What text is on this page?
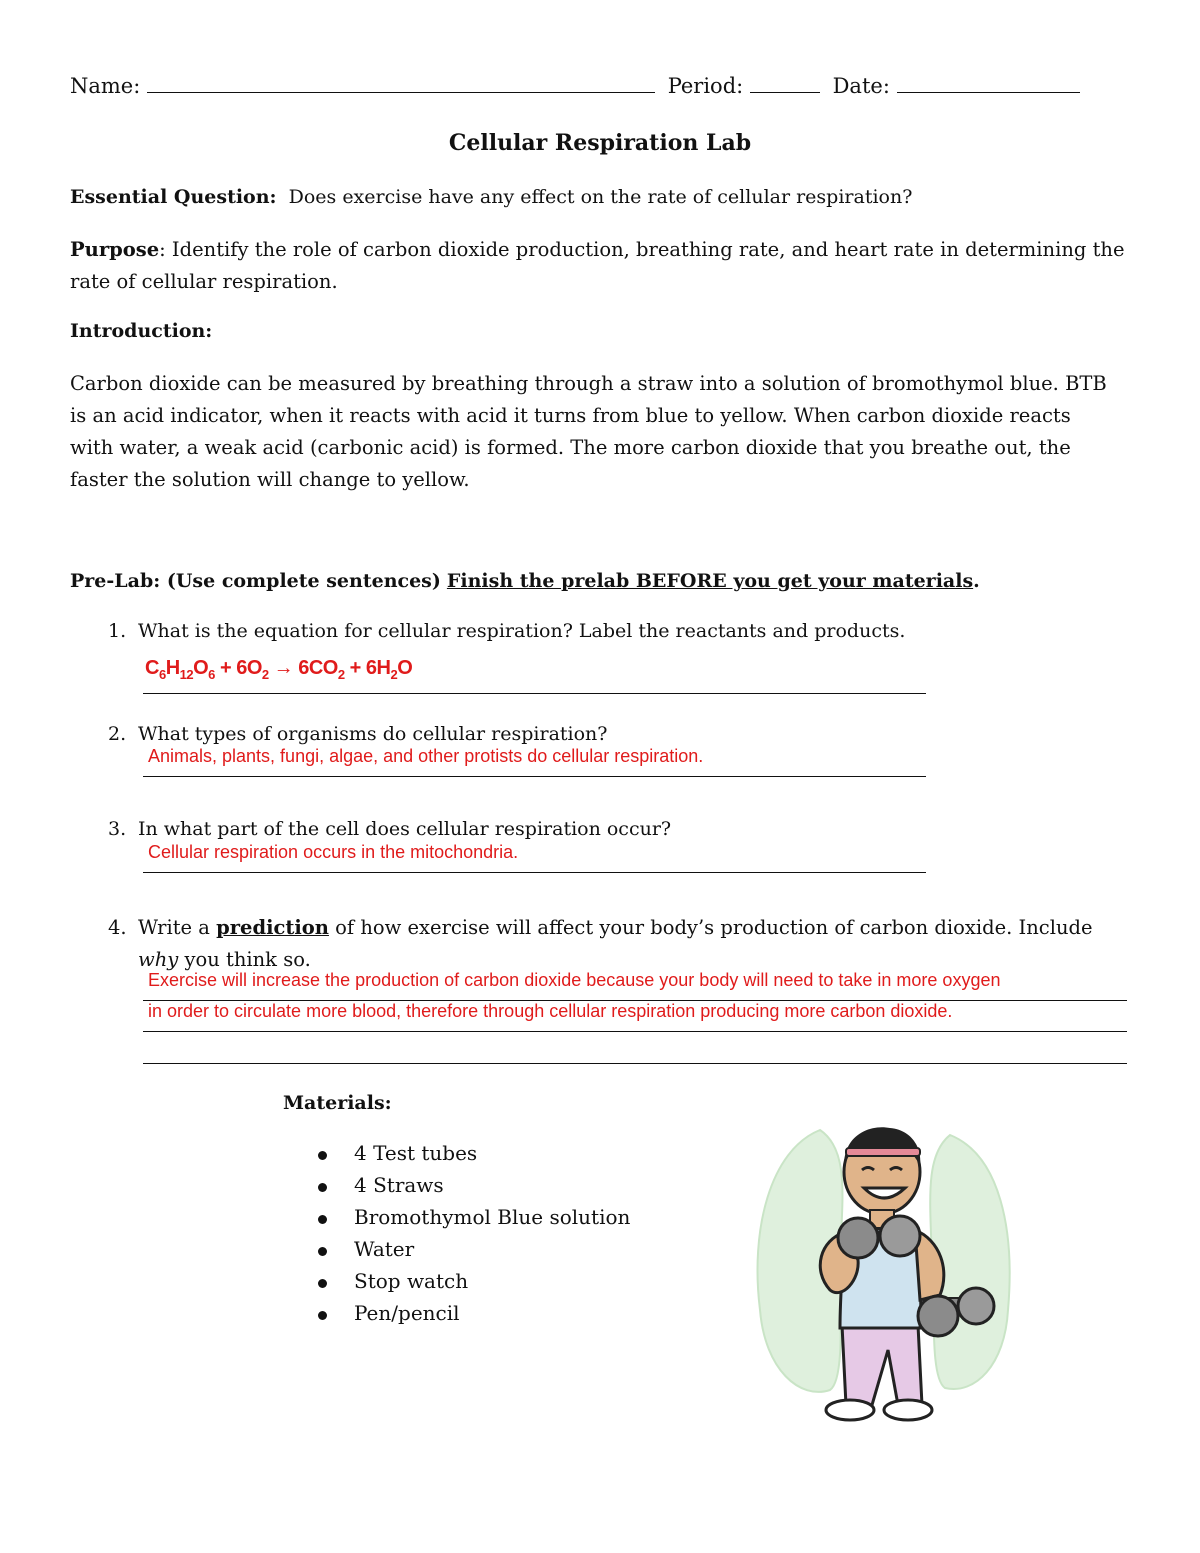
Name:	Period:	Date:
Cellular Respiration Lab
Essential Question: Does exercise have any effect on the rate of cellular respiration?
Purpose: Identify the role of carbon dioxide production, breathing rate, and heart rate in determining the rate of cellular respiration.
Introduction:
Carbon dioxide can be measured by breathing through a straw into a solution of bromothymol blue. BTB is an acid indicator, when it reacts with acid it turns from blue to yellow. When carbon dioxide reacts with water, a weak acid (carbonic acid) is formed. The more carbon dioxide that you breathe out, the faster the solution will change to yellow.
Pre-Lab: (Use complete sentences) Finish the prelab BEFORE you get your materials.
1. What is the equation for cellular respiration? Label the reactants and products.
$C_6H_{12}O_6 + 6O_2 \to 6CO_2 + 6H_2O$
2. What types of organisms do cellular respiration?
Animals, plants, fungi, algae, and other protists do cellular respiration.
3. In what part of the cell does cellular respiration occur?
Cellular respiration occurs in the mitochondria.
4. Write a prediction of how exercise will affect your body’s production of carbon dioxide. Include
why you think so.
Exercise will increase the production of carbon dioxide because your body will need to take in more oxygen
in order to circulate more blood, therefore through cellular respiration producing more carbon dioxide.
Materials:
4 Test tubes
4 Straws
Bromothymol Blue solution
Water
Stop watch
Pen/pencil
